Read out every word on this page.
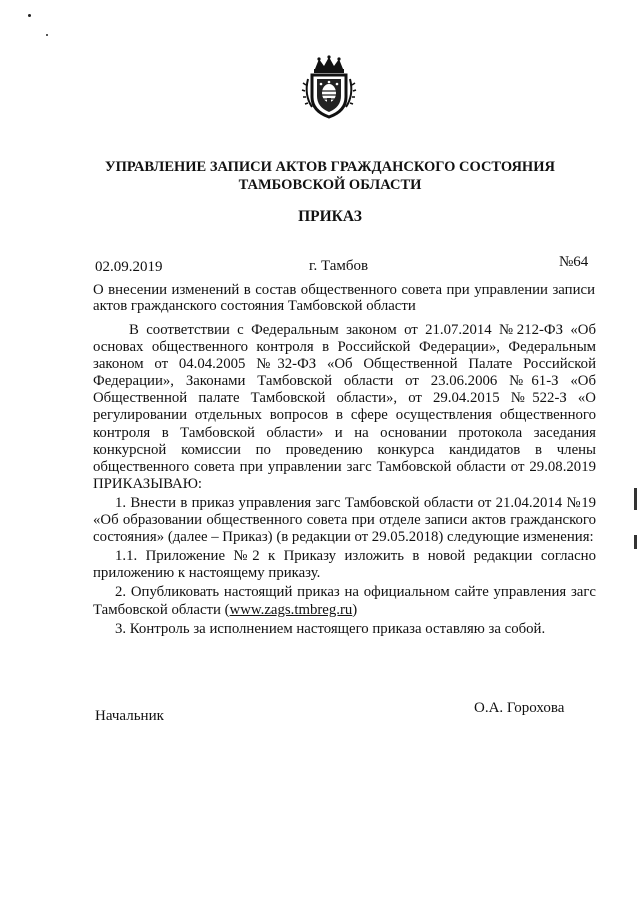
УПРАВЛЕНИЕ ЗАПИСИ АКТОВ ГРАЖДАНСКОГО СОСТОЯНИЯ
ТАМБОВСКОЙ ОБЛАСТИ
ПРИКАЗ
02.09.2019	г. Тамбов	№64
О внесении изменений в состав общественного совета при управлении записи актов гражданского состояния Тамбовской области

В соответствии с Федеральным законом от 21.07.2014 №212-ФЗ «Об основах общественного контроля в Российской Федерации», Федеральным законом от 04.04.2005 №32-ФЗ «Об Общественной Палате Российской Федерации», Законами Тамбовской области от 23.06.2006 №61-З «Об Общественной палате Тамбовской области», от 29.04.2015 №522-З «О регулировании отдельных вопросов в сфере осуществления общественного контроля в Тамбовской области» и на основании протокола заседания конкурсной комиссии по проведению конкурса кандидатов в члены общественного совета при управлении загс Тамбовской области от 29.08.2019 ПРИКАЗЫВАЮ:

1. Внести в приказ управления загс Тамбовской области от 21.04.2014 №19 «Об образовании общественного совета при отделе записи актов гражданского состояния» (далее – Приказ) (в редакции от 29.05.2018) следующие изменения:

1.1. Приложение №2 к Приказу изложить в новой редакции согласно приложению к настоящему приказу.

2. Опубликовать настоящий приказ на официальном сайте управления загс Тамбовской области (www.zags.tmbreg.ru)

3. Контроль за исполнением настоящего приказа оставляю за собой.

Начальник	О.А. Горохова
